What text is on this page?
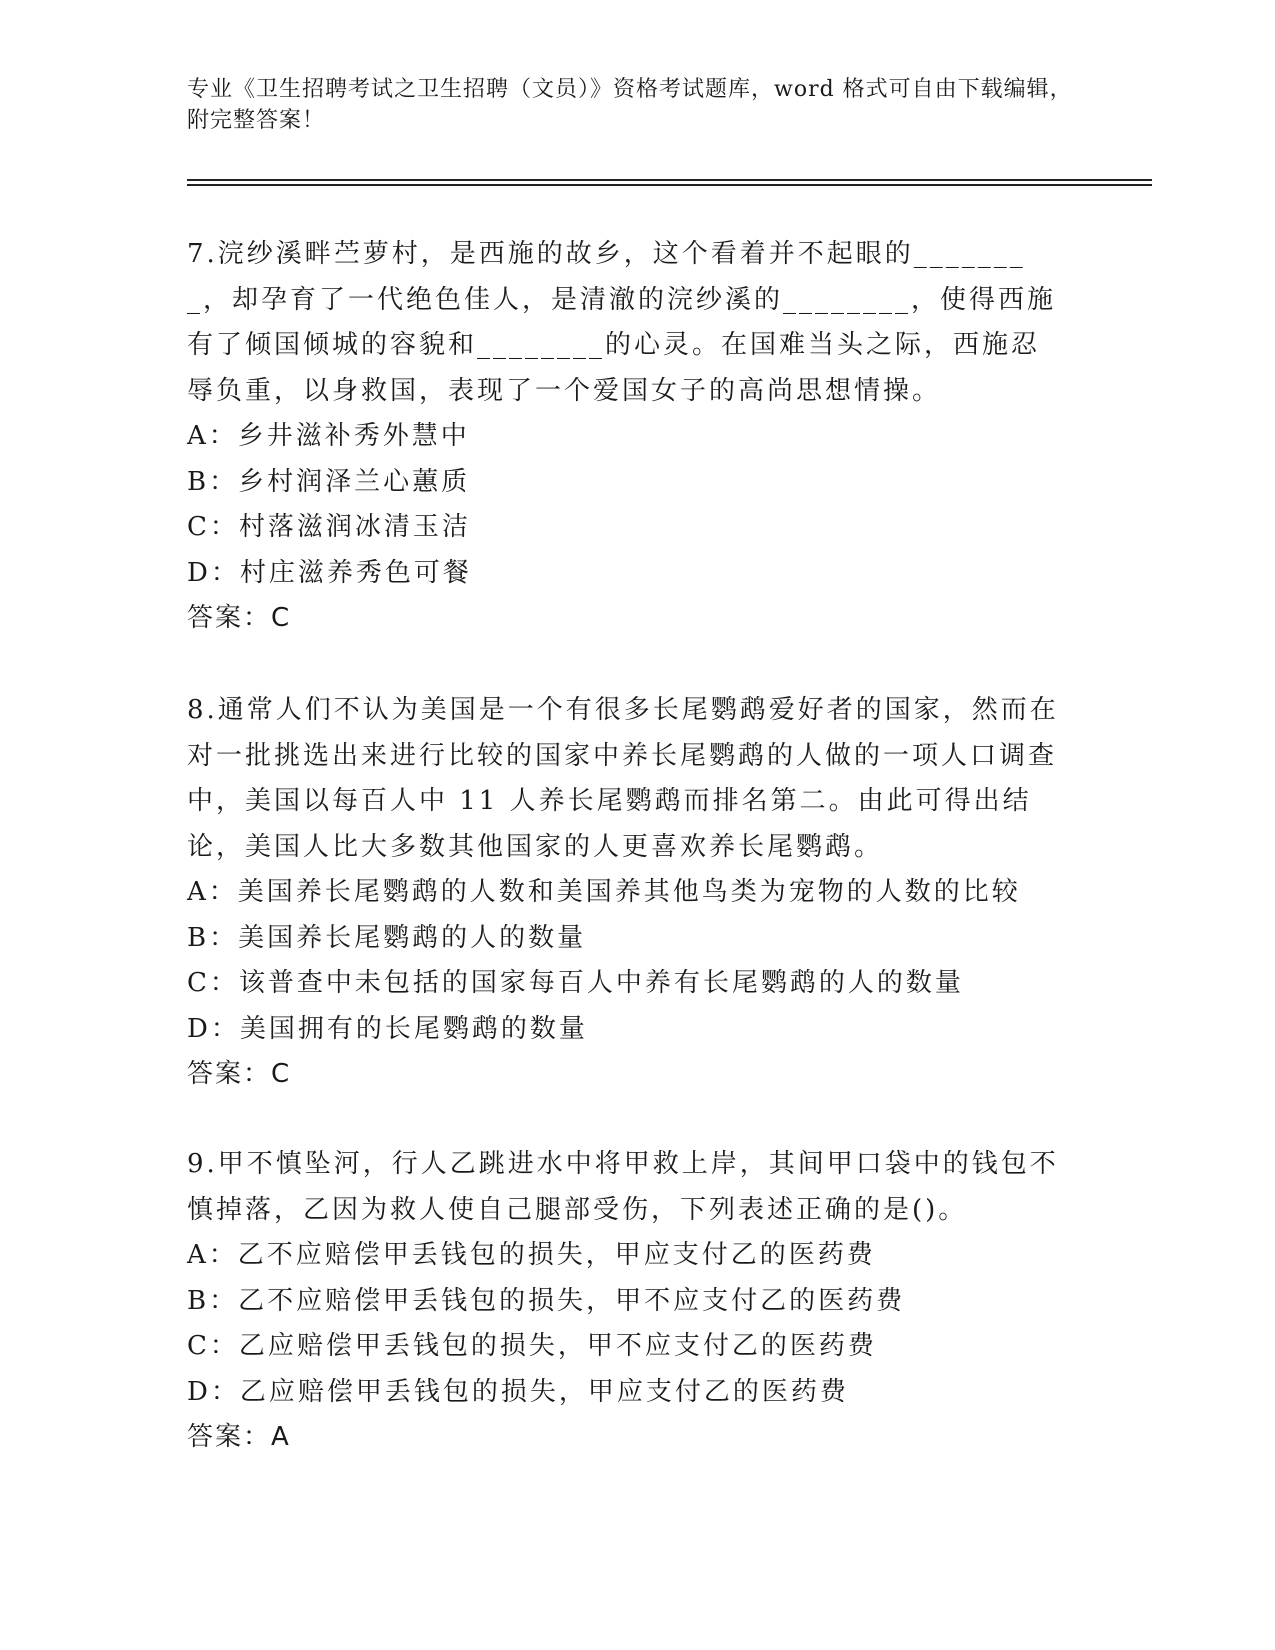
专业《卫生招聘考试之卫生招聘（文员）》资格考试题库，word 格式可自由下载编辑，附完整答案！
7.浣纱溪畔苎萝村，是西施的故乡，这个看着并不起眼的________，却孕育了一代绝色佳人，是清澈的浣纱溪的________，使得西施有了倾国倾城的容貌和________的心灵。在国难当头之际，西施忍辱负重，以身救国，表现了一个爱国女子的高尚思想情操。
A：乡井滋补秀外慧中
B：乡村润泽兰心蕙质
C：村落滋润冰清玉洁
D：村庄滋养秀色可餐
答案：C
8.通常人们不认为美国是一个有很多长尾鹦鹉爱好者的国家，然而在对一批挑选出来进行比较的国家中养长尾鹦鹉的人做的一项人口调查中，美国以每百人中 11 人养长尾鹦鹉而排名第二。由此可得出结论，美国人比大多数其他国家的人更喜欢养长尾鹦鹉。
A：美国养长尾鹦鹉的人数和美国养其他鸟类为宠物的人数的比较
B：美国养长尾鹦鹉的人的数量
C：该普查中未包括的国家每百人中养有长尾鹦鹉的人的数量
D：美国拥有的长尾鹦鹉的数量
答案：C
9.甲不慎坠河，行人乙跳进水中将甲救上岸，其间甲口袋中的钱包不慎掉落，乙因为救人使自己腿部受伤，下列表述正确的是()。
A：乙不应赔偿甲丢钱包的损失，甲应支付乙的医药费
B：乙不应赔偿甲丢钱包的损失，甲不应支付乙的医药费
C：乙应赔偿甲丢钱包的损失，甲不应支付乙的医药费
D：乙应赔偿甲丢钱包的损失，甲应支付乙的医药费
答案：A
